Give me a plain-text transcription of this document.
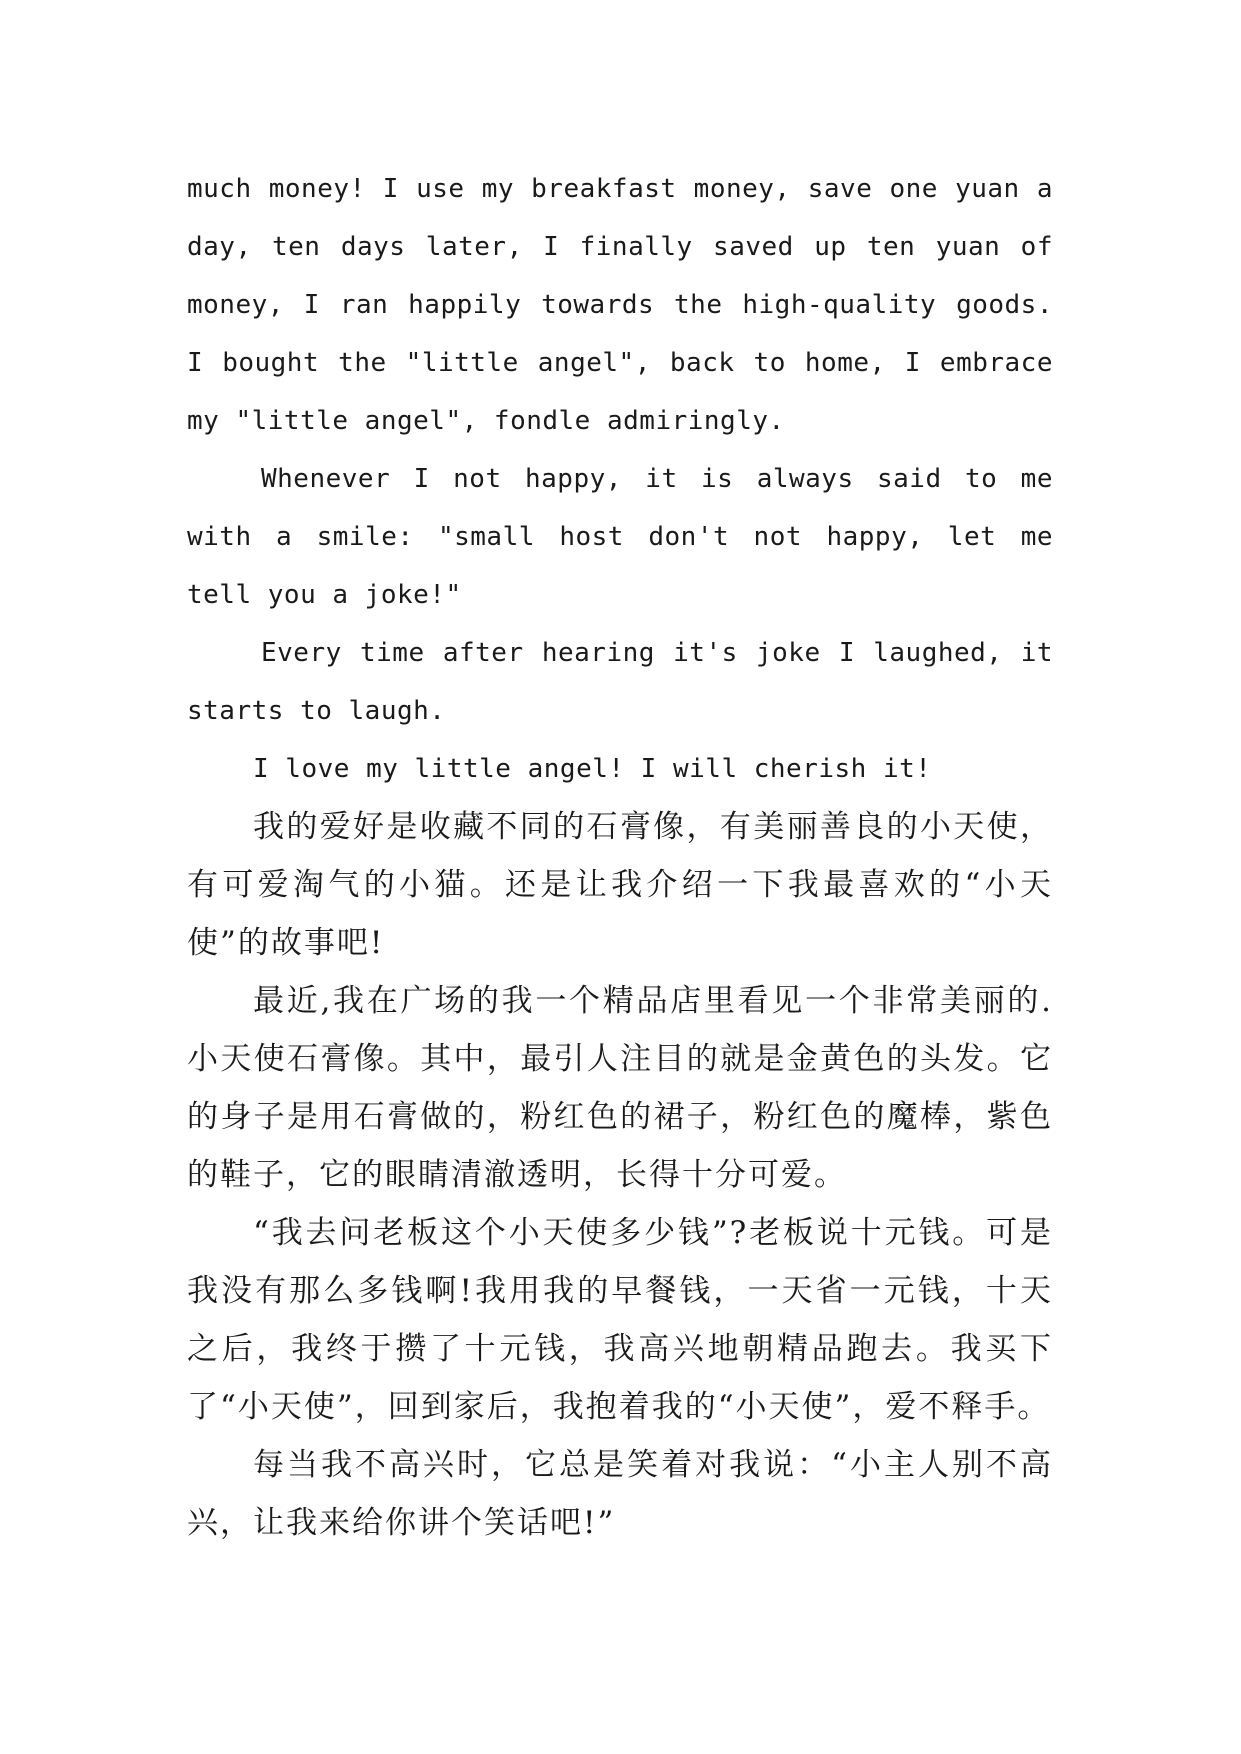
much money! I use my breakfast money, save one yuan a day, ten days later, I finally saved up ten yuan of money, I ran happily towards the high-quality goods. I bought the "little angel", back to home, I embrace my "little angel", fondle admiringly.

Whenever I not happy, it is always said to me with a smile: "small host don't not happy, let me tell you a joke!"

Every time after hearing it's joke I laughed, it starts to laugh.

I love my little angel! I will cherish it!

我的爱好是收藏不同的石膏像，有美丽善良的小天使，有可爱淘气的小猫。还是让我介绍一下我最喜欢的“小天使”的故事吧!

最近,我在广场的我一个精品店里看见一个非常美丽的.小天使石膏像。其中，最引人注目的就是金黄色的头发。它的身子是用石膏做的，粉红色的裙子，粉红色的魔棒，紫色的鞋子，它的眼睛清澈透明，长得十分可爱。

“我去问老板这个小天使多少钱”?老板说十元钱。可是我没有那么多钱啊!我用我的早餐钱，一天省一元钱，十天之后，我终于攒了十元钱，我高兴地朝精品跑去。我买下了“小天使”，回到家后，我抱着我的“小天使”，爱不释手。

每当我不高兴时，它总是笑着对我说：“小主人别不高兴，让我来给你讲个笑话吧!”
